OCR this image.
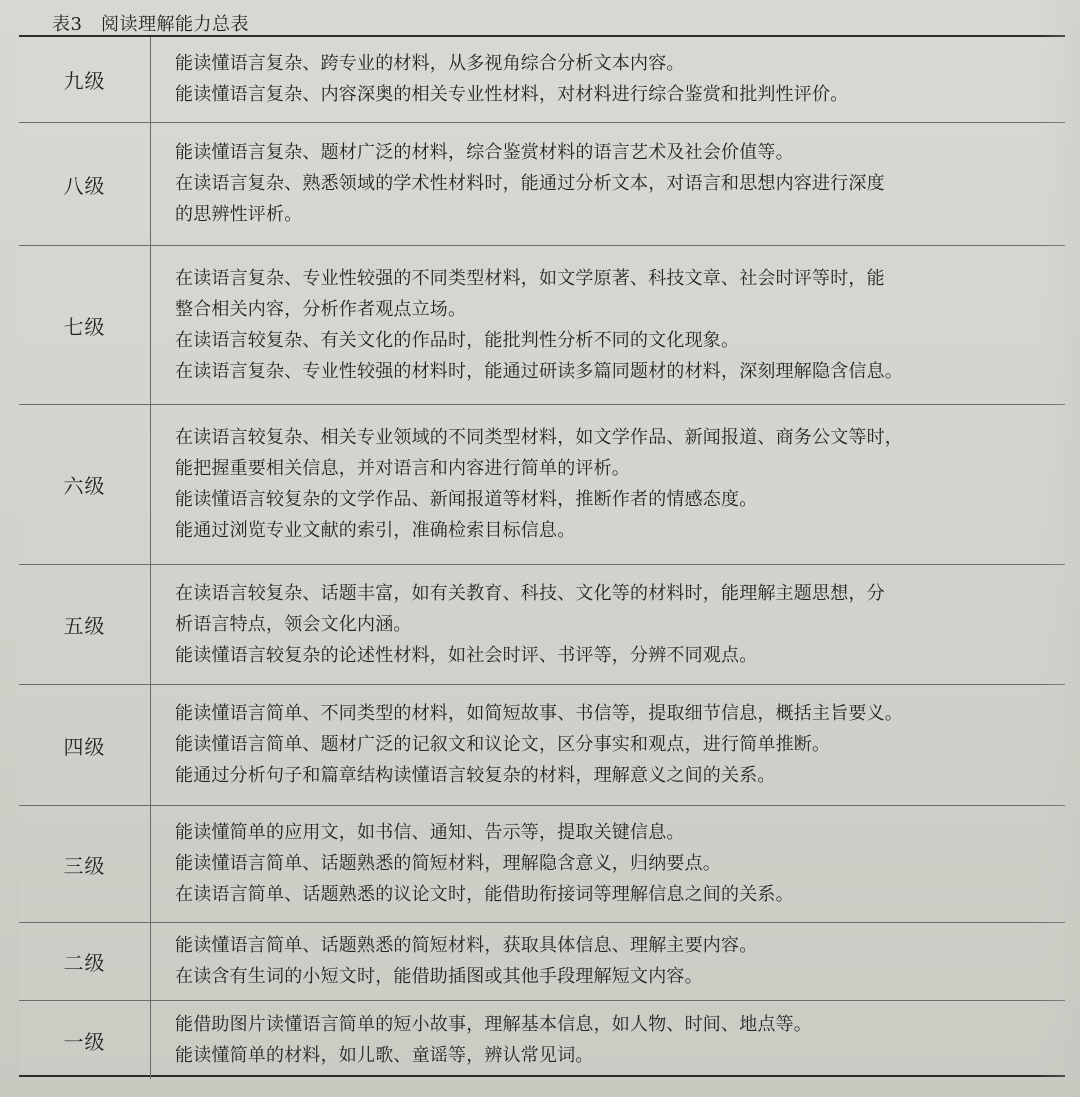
表3　阅读理解能力总表
九级
能读懂语言复杂、跨专业的材料，从多视角综合分析文本内容。
能读懂语言复杂、内容深奥的相关专业性材料，对材料进行综合鉴赏和批判性评价。
八级
能读懂语言复杂、题材广泛的材料，综合鉴赏材料的语言艺术及社会价值等。
在读语言复杂、熟悉领域的学术性材料时，能通过分析文本，对语言和思想内容进行深度
的思辨性评析。
七级
在读语言复杂、专业性较强的不同类型材料，如文学原著、科技文章、社会时评等时，能
整合相关内容，分析作者观点立场。
在读语言较复杂、有关文化的作品时，能批判性分析不同的文化现象。
在读语言复杂、专业性较强的材料时，能通过研读多篇同题材的材料，深刻理解隐含信息。
六级
在读语言较复杂、相关专业领域的不同类型材料，如文学作品、新闻报道、商务公文等时，
能把握重要相关信息，并对语言和内容进行简单的评析。
能读懂语言较复杂的文学作品、新闻报道等材料，推断作者的情感态度。
能通过浏览专业文献的索引，准确检索目标信息。
五级
在读语言较复杂、话题丰富，如有关教育、科技、文化等的材料时，能理解主题思想，分
析语言特点，领会文化内涵。
能读懂语言较复杂的论述性材料，如社会时评、书评等，分辨不同观点。
四级
能读懂语言简单、不同类型的材料，如简短故事、书信等，提取细节信息，概括主旨要义。
能读懂语言简单、题材广泛的记叙文和议论文，区分事实和观点，进行简单推断。
能通过分析句子和篇章结构读懂语言较复杂的材料，理解意义之间的关系。
三级
能读懂简单的应用文，如书信、通知、告示等，提取关键信息。
能读懂语言简单、话题熟悉的简短材料，理解隐含意义，归纳要点。
在读语言简单、话题熟悉的议论文时，能借助衔接词等理解信息之间的关系。
二级
能读懂语言简单、话题熟悉的简短材料，获取具体信息、理解主要内容。
在读含有生词的小短文时，能借助插图或其他手段理解短文内容。
一级
能借助图片读懂语言简单的短小故事，理解基本信息，如人物、时间、地点等。
能读懂简单的材料，如儿歌、童谣等，辨认常见词。
